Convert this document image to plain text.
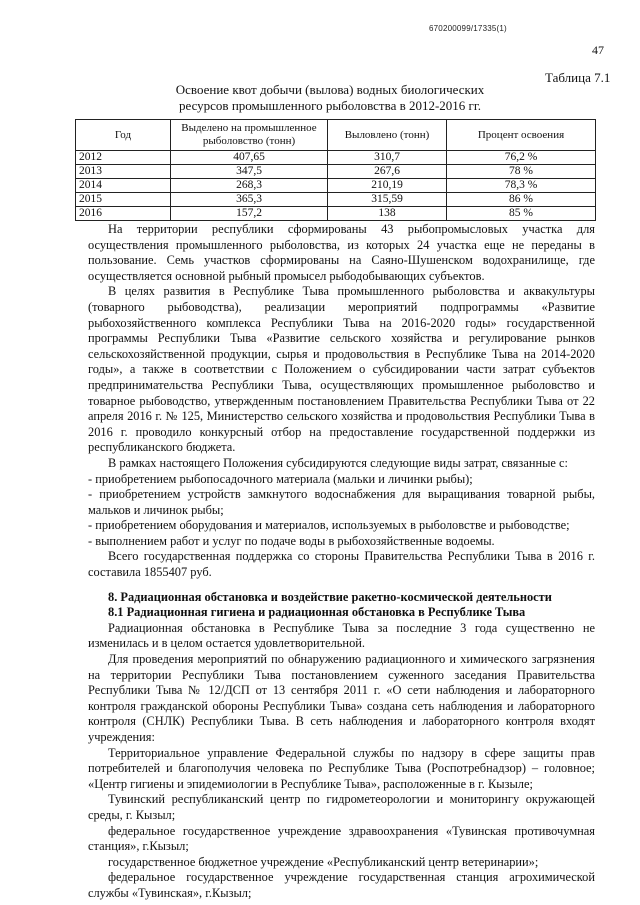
670200099/17335(1)
47
Таблица 7.1
Освоение квот добычи (вылова) водных биологических
ресурсов промышленного рыболовства в 2012-2016 гг.
Год	Выделено на промышленное рыболовство (тонн)	Выловлено (тонн)	Процент освоения
2012	407,65	310,7	76,2 %
2013	347,5	267,6	78 %
2014	268,3	210,19	78,3 %
2015	365,3	315,59	86 %
2016	157,2	138	85 %

На территории республики сформированы 43 рыбопромысловых участка для осуществления промышленного рыболовства, из которых 24 участка еще не переданы в пользование. Семь участков сформированы на Саяно-Шушенском водохранилище, где осуществляется основной рыбный промысел рыбодобывающих субъектов.

В целях развития в Республике Тыва промышленного рыболовства и аквакультуры (товарного рыбоводства), реализации мероприятий подпрограммы «Развитие рыбохозяйственного комплекса Республики Тыва на 2016-2020 годы» государственной программы Республики Тыва «Развитие сельского хозяйства и регулирование рынков сельскохозяйственной продукции, сырья и продовольствия в Республике Тыва на 2014-2020 годы», а также в соответствии с Положением о субсидировании части затрат субъектов предпринимательства Республики Тыва, осуществляющих промышленное рыболовство и товарное рыбоводство, утвержденным постановлением Правительства Республики Тыва от 22 апреля 2016 г. № 125, Министерство сельского хозяйства и продовольствия Республики Тыва в 2016 г. проводило конкурсный отбор на предоставление государственной поддержки из республиканского бюджета.

В рамках настоящего Положения субсидируются следующие виды затрат, связанные с:

- приобретением рыбопосадочного материала (мальки и личинки рыбы);

- приобретением устройств замкнутого водоснабжения для выращивания товарной рыбы, мальков и личинок рыбы;

- приобретением оборудования и материалов, используемых в рыболовстве и рыбоводстве;

- выполнением работ и услуг по подаче воды в рыбохозяйственные водоемы.

Всего государственная поддержка со стороны Правительства Республики Тыва в 2016 г. составила 1855407 руб.

8. Радиационная обстановка и воздействие ракетно-космической деятельности

8.1 Радиационная гигиена и радиационная обстановка в Республике Тыва

Радиационная обстановка в Республике Тыва за последние 3 года существенно не изменилась и в целом остается удовлетворительной.

Для проведения мероприятий по обнаружению радиационного и химического загрязнения на территории Республики Тыва постановлением суженного заседания Правительства Республики Тыва № 12/ДСП от 13 сентября 2011 г. «О сети наблюдения и лабораторного контроля гражданской обороны Республики Тыва» создана сеть наблюдения и лабораторного контроля (СНЛК) Республики Тыва. В сеть наблюдения и лабораторного контроля входят учреждения:

Территориальное управление Федеральной службы по надзору в сфере защиты прав потребителей и благополучия человека по Республике Тыва (Роспотребнадзор) – головное; «Центр гигиены и эпидемиологии в Республике Тыва», расположенные в г. Кызыле;

Тувинский республиканский центр по гидрометеорологии и мониторингу окружающей среды, г. Кызыл;

федеральное государственное учреждение здравоохранения «Тувинская противочумная станция», г.Кызыл;

государственное бюджетное учреждение «Республиканский центр ветеринарии»;

федеральное государственное учреждение государственная станция агрохимической службы «Тувинская», г.Кызыл;
